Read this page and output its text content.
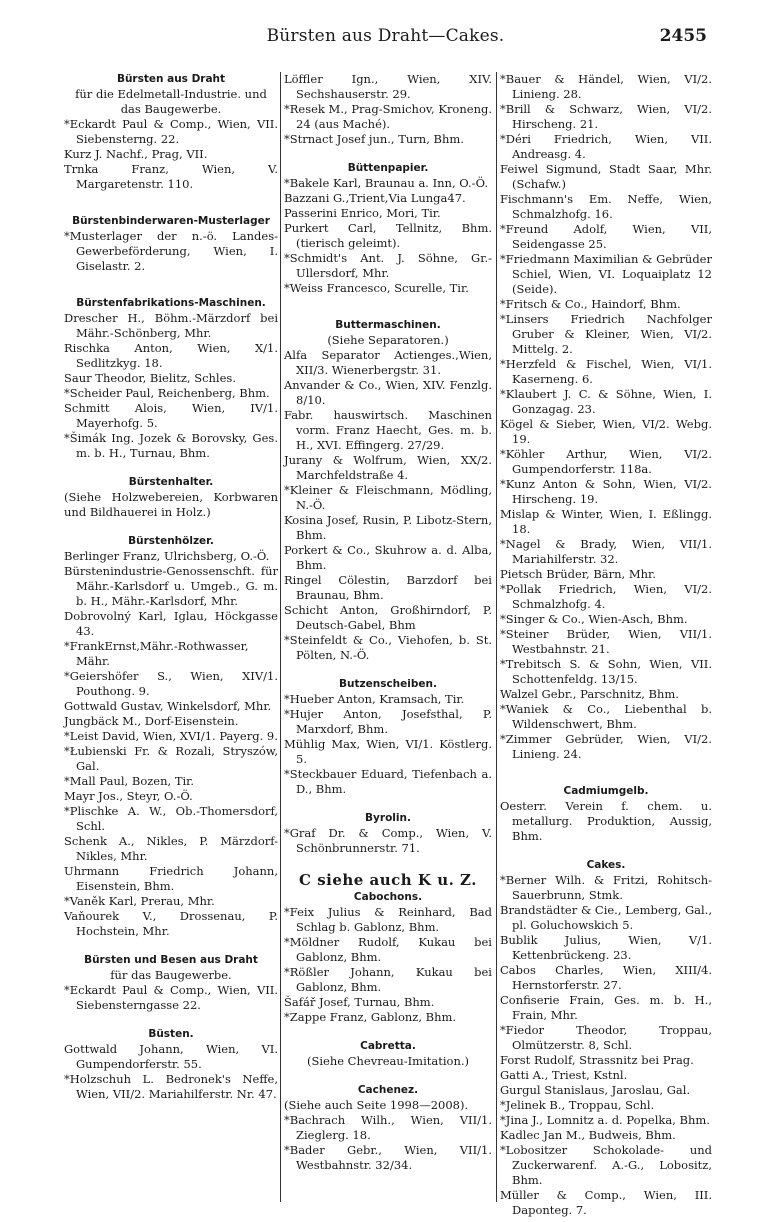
Bürsten aus Draht—Cakes.	2455
Bürsten aus Draht
für die Edelmetall-Industrie. und das Baugewerbe.
*Eckardt Paul & Comp., Wien, VII. Siebensterng. 22.
Kurz J. Nachf., Prag, VII.
Trnka Franz, Wien, V. Margaretenstr. 110.
Bürstenbinderwaren-Musterlager
*Musterlager der n.-ö. Landes-Gewerbeförderung, Wien, I. Giselastr. 2.
Bürstenfabrikations-Maschinen.
Drescher H., Böhm.-Märzdorf bei Mähr.-Schönberg, Mhr.
Rischka Anton, Wien, X/1. Sedlitzkyg. 18.
Saur Theodor, Bielitz, Schles.
*Scheider Paul, Reichenberg, Bhm.
Schmitt Alois, Wien, IV/1. Mayerhofg. 5.
*Šimák Ing. Jozek & Borovsky, Ges. m. b. H., Turnau, Bhm.
Bürstenhalter.
(Siehe Holzwebereien, Korbwaren und Bildhauerei in Holz.)
Bürstenhölzer.
Berlinger Franz, Ulrichsberg, O.-Ö.
Bürstenindustrie-Genossenschft. für Mähr.-Karlsdorf u. Umgeb., G. m. b. H., Mähr.-Karlsdorf, Mhr.
Dobrovolný Karl, Iglau, Höckgasse 43.
*FrankErnst,Mähr.-Rothwasser, Mähr.
*Geiershöfer S., Wien, XIV/1. Pouthong. 9.
Gottwald Gustav, Winkelsdorf, Mhr.
Jungbäck M., Dorf-Eisenstein.
*Leist David, Wien, XVI/1. Payerg. 9.
*Łubienski Fr. & Rozali, Stryszów, Gal.
*Mall Paul, Bozen, Tir.
Mayr Jos., Steyr, O.-Ö.
*Plischke A. W., Ob.-Thomersdorf, Schl.
Schenk A., Nikles, P. Märzdorf-Nikles, Mhr.
Uhrmann Friedrich Johann, Eisenstein, Bhm.
*Vaněk Karl, Prerau, Mhr.
Vaňourek V., Drossenau, P. Hochstein, Mhr.
Bürsten und Besen aus Draht
für das Baugewerbe.
*Eckardt Paul & Comp., Wien, VII. Siebensterngasse 22.
Büsten.
Gottwald Johann, Wien, VI. Gumpendorferstr. 55.
*Holzschuh L. Bedronek's Neffe, Wien, VII/2. Mariahilferstr. Nr. 47.
Löffler Ign., Wien, XIV. Sechshauserstr. 29.
*Resek M., Prag-Smichov, Kroneng. 24 (aus Maché).
*Strnact Josef jun., Turn, Bhm.
Büttenpapier.
*Bakele Karl, Braunau a. Inn, O.-Ö.
Bazzani G.,Trient,Via Lunga47.
Passerini Enrico, Mori, Tir.
Purkert Carl, Tellnitz, Bhm. (tierisch geleimt).
*Schmidt's Ant. J. Söhne, Gr.-Ullersdorf, Mhr.
*Weiss Francesco, Scurelle, Tir.
Buttermaschinen.
(Siehe Separatoren.)
Alfa Separator Actienges.,Wien, XII/3. Wienerbergstr. 31.
Anvander & Co., Wien, XIV. Fenzlg. 8/10.
Fabr. hauswirtsch. Maschinen vorm. Franz Haecht, Ges. m. b. H., XVI. Effingerg. 27/29.
Jurany & Wolfrum, Wien, XX/2. Marchfeldstraße 4.
*Kleiner & Fleischmann, Mödling, N.-Ö.
Kosina Josef, Rusin, P. Libotz-Stern, Bhm.
Porkert & Co., Skuhrow a. d. Alba, Bhm.
Ringel Cölestin, Barzdorf bei Braunau, Bhm.
Schicht Anton, Großhirndorf, P. Deutsch-Gabel, Bhm
*Steinfeldt & Co., Viehofen, b. St. Pölten, N.-Ö.
Butzenscheiben.
*Hueber Anton, Kramsach, Tir.
*Hujer Anton, Josefsthal, P. Marxdorf, Bhm.
Mühlig Max, Wien, VI/1. Köstlerg. 5.
*Steckbauer Eduard, Tiefenbach a. D., Bhm.
Byrolin.
*Graf Dr. & Comp., Wien, V. Schönbrunnerstr. 71.
C siehe auch K u. Z.
Cabochons.
*Feix Julius & Reinhard, Bad Schlag b. Gablonz, Bhm.
*Möldner Rudolf, Kukau bei Gablonz, Bhm.
*Rößler Johann, Kukau bei Gablonz, Bhm.
Šafář Josef, Turnau, Bhm.
*Zappe Franz, Gablonz, Bhm.
Cabretta.
(Siehe Chevreau-Imitation.)
Cachenez.
(Siehe auch Seite 1998—2008).
*Bachrach Wilh., Wien, VII/1. Zieglerg. 18.
*Bader Gebr., Wien, VII/1. Westbahnstr. 32/34.
*Bauer & Händel, Wien, VI/2. Linieng. 28.
*Brill & Schwarz, Wien, VI/2. Hirscheng. 21.
*Déri Friedrich, Wien, VII. Andreasg. 4.
Feiwel Sigmund, Stadt Saar, Mhr. (Schafw.)
Fischmann's Em. Neffe, Wien, Schmalzhofg. 16.
*Freund Adolf, Wien, VII, Seidengasse 25.
*Friedmann Maximilian & Gebrüder Schiel, Wien, VI. Loquaiplatz 12 (Seide).
*Fritsch & Co., Haindorf, Bhm.
*Linsers Friedrich Nachfolger Gruber & Kleiner, Wien, VI/2. Mittelg. 2.
*Herzfeld & Fischel, Wien, VI/1. Kaserneng. 6.
*Klaubert J. C. & Söhne, Wien, I. Gonzagag. 23.
Kögel & Sieber, Wien, VI/2. Webg. 19.
*Köhler Arthur, Wien, VI/2. Gumpendorferstr. 118a.
*Kunz Anton & Sohn, Wien, VI/2. Hirscheng. 19.
Mislap & Winter, Wien, I. Eßlingg. 18.
*Nagel & Brady, Wien, VII/1. Mariahilferstr. 32.
Pietsch Brüder, Bärn, Mhr.
*Pollak Friedrich, Wien, VI/2. Schmalzhofg. 4.
*Singer & Co., Wien-Asch, Bhm.
*Steiner Brüder, Wien, VII/1. Westbahnstr. 21.
*Trebitsch S. & Sohn, Wien, VII. Schottenfeldg. 13/15.
Walzel Gebr., Parschnitz, Bhm.
*Waniek & Co., Liebenthal b. Wildenschwert, Bhm.
*Zimmer Gebrüder, Wien, VI/2. Linieng. 24.
Cadmiumgelb.
Oesterr. Verein f. chem. u. metallurg. Produktion, Aussig, Bhm.
Cakes.
*Berner Wilh. & Fritzi, Rohitsch-Sauerbrunn, Stmk.
Brandstädter & Cie., Lemberg, Gal., pl. Goluchowskich 5.
Bublik Julius, Wien, V/1. Kettenbrückeng. 23.
Cabos Charles, Wien, XIII/4. Hernstorferstr. 27.
Confiserie Frain, Ges. m. b. H., Frain, Mhr.
*Fiedor Theodor, Troppau, Olmützerstr. 8, Schl.
Forst Rudolf, Strassnitz bei Prag.
Gatti A., Triest, Kstnl.
Gurgul Stanislaus, Jaroslau, Gal.
*Jelinek B., Troppau, Schl.
*Jina J., Lomnitz a. d. Popelka, Bhm.
Kadlec Jan M., Budweis, Bhm.
*Lobositzer Schokolade- und Zuckerwarenf. A.-G., Lobositz, Bhm.
Müller & Comp., Wien, III. Daponteg. 7.
